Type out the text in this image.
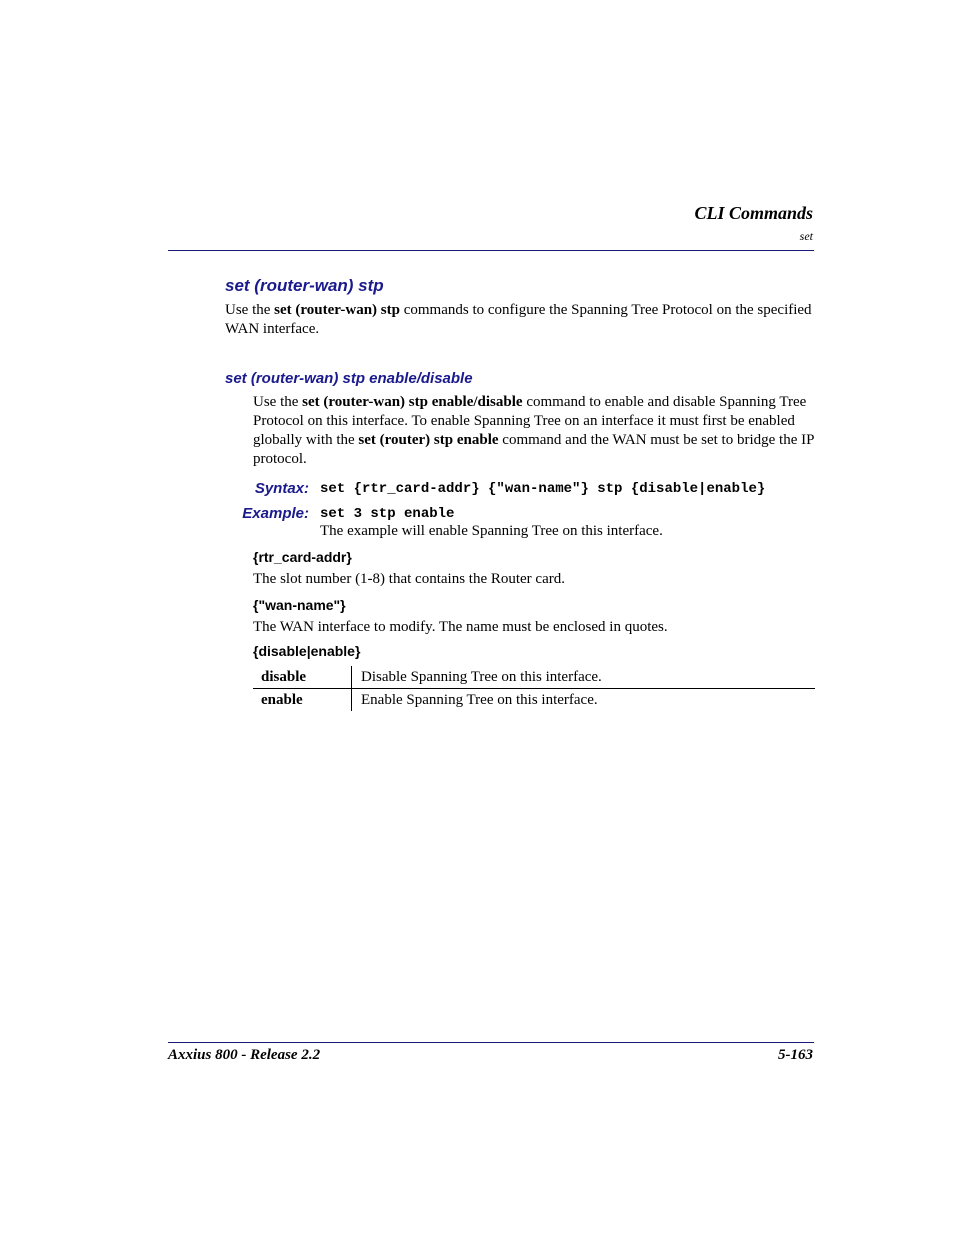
CLI Commands
set
set (router-wan) stp
Use the set (router-wan) stp commands to configure the Spanning Tree Protocol on the specified WAN interface.
set (router-wan) stp enable/disable
Use the set (router-wan) stp enable/disable command to enable and disable Spanning Tree Protocol on this interface. To enable Spanning Tree on an interface it must first be enabled globally with the set (router) stp enable command and the WAN must be set to bridge the IP protocol.
Syntax: set {rtr_card-addr} {"wan-name"} stp {disable|enable}
Example: set 3 stp enable
The example will enable Spanning Tree on this interface.
{rtr_card-addr}
The slot number (1-8) that contains the Router card.
{"wan-name"}
The WAN interface to modify. The name must be enclosed in quotes.
{disable|enable}
disable	Disable Spanning Tree on this interface.
enable	Enable Spanning Tree on this interface.
Axxius 800 - Release 2.2	5-163
